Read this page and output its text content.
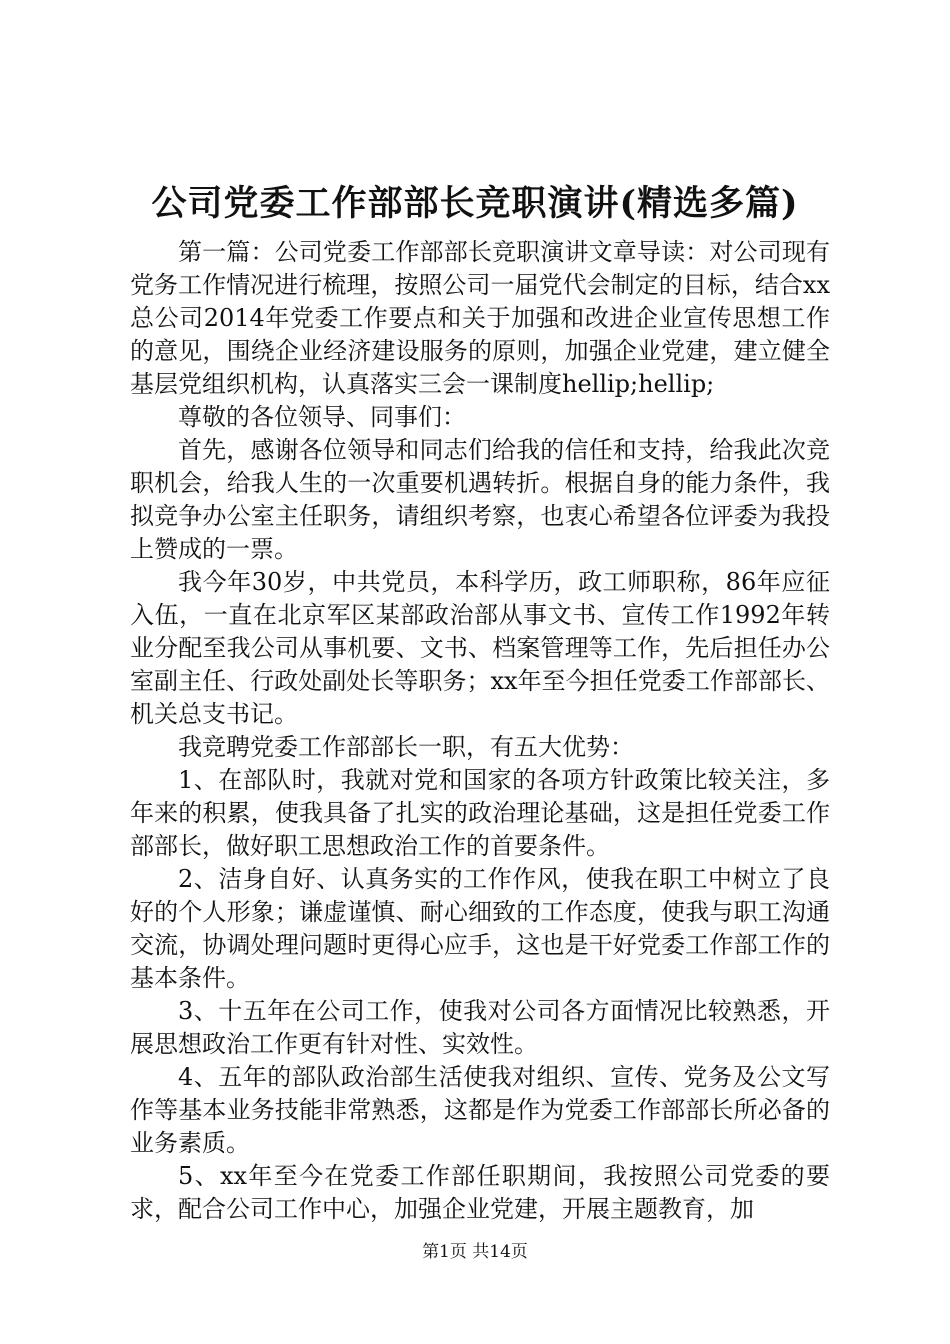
公司党委工作部部长竞职演讲(精选多篇)

第一篇：公司党委工作部部长竞职演讲文章导读：对公司现有党务工作情况进行梳理，按照公司一届党代会制定的目标，结合xx总公司2014年党委工作要点和关于加强和改进企业宣传思想工作的意见，围绕企业经济建设服务的原则，加强企业党建，建立健全基层党组织机构，认真落实三会一课制度hellip;hellip;

尊敬的各位领导、同事们：

首先，感谢各位领导和同志们给我的信任和支持，给我此次竞职机会，给我人生的一次重要机遇转折。根据自身的能力条件，我拟竞争办公室主任职务，请组织考察，也衷心希望各位评委为我投上赞成的一票。

我今年30岁，中共党员，本科学历，政工师职称，86年应征入伍，一直在北京军区某部政治部从事文书、宣传工作1992年转业分配至我公司从事机要、文书、档案管理等工作，先后担任办公室副主任、行政处副处长等职务；xx年至今担任党委工作部部长、机关总支书记。

我竞聘党委工作部部长一职，有五大优势：

1、在部队时，我就对党和国家的各项方针政策比较关注，多年来的积累，使我具备了扎实的政治理论基础，这是担任党委工作部部长，做好职工思想政治工作的首要条件。

2、洁身自好、认真务实的工作作风，使我在职工中树立了良好的个人形象；谦虚谨慎、耐心细致的工作态度，使我与职工沟通交流，协调处理问题时更得心应手，这也是干好党委工作部工作的基本条件。

3、十五年在公司工作，使我对公司各方面情况比较熟悉，开展思想政治工作更有针对性、实效性。

4、五年的部队政治部生活使我对组织、宣传、党务及公文写作等基本业务技能非常熟悉，这都是作为党委工作部部长所必备的业务素质。

5、xx年至今在党委工作部任职期间，我按照公司党委的要求，配合公司工作中心，加强企业党建，开展主题教育，加

第1页 共14页
